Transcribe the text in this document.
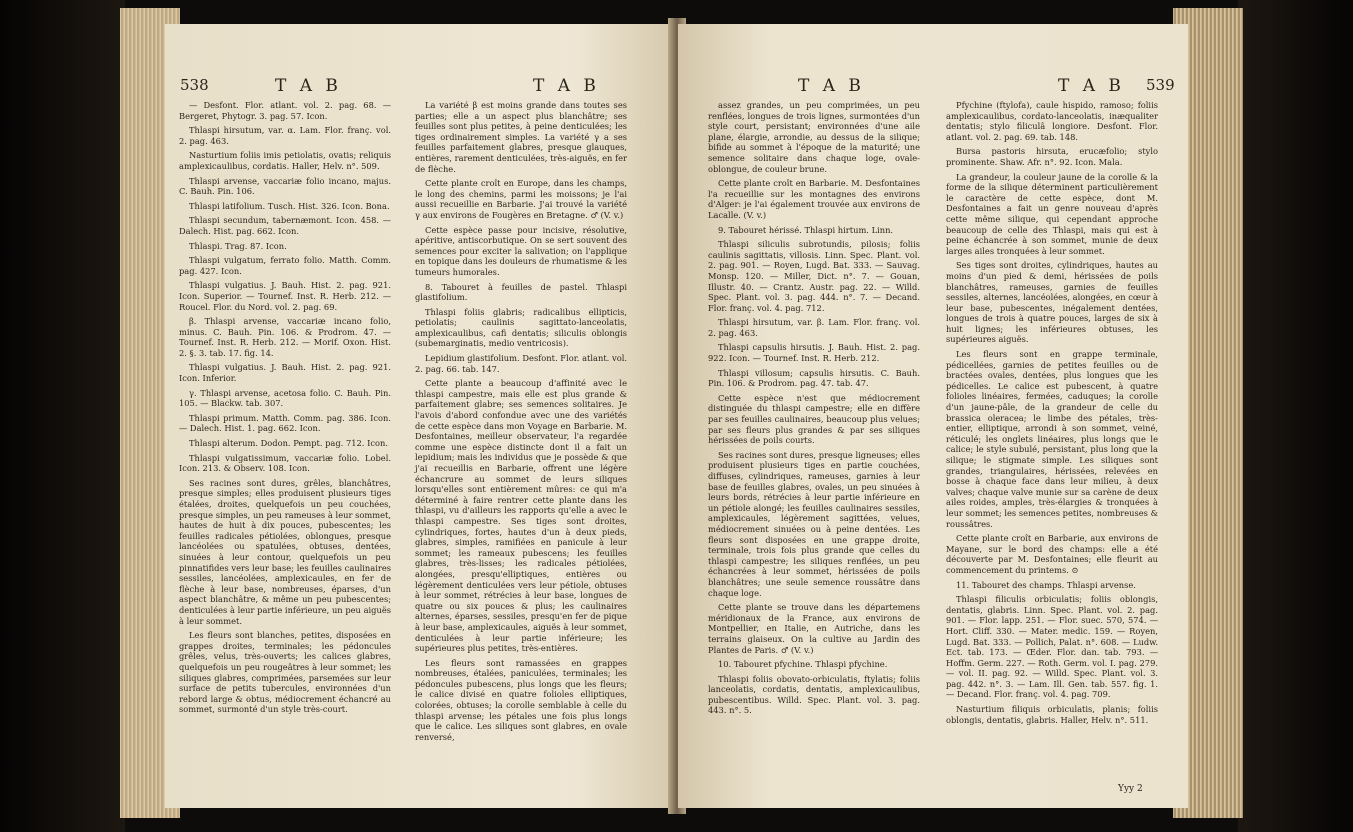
538	T A B	T A B

— Desfont. Flor. atlant. vol. 2. pag. 68. — Bergeret, Phytogr. 3. pag. 57. Icon.

Thlaspi hirsutum, var. α. Lam. Flor. franç. vol. 2. pag. 463.

Nasturtium foliis imis petiolatis, ovatis; reliquis amplexicaulibus, cordatis. Haller, Helv. n°. 509.

Thlaspi arvense, vaccariæ folio incano, majus. C. Bauh. Pin. 106.

Thlaspi latifolium. Tusch. Hist. 326. Icon. Bona.

Thlaspi secundum, tabernæmont. Icon. 458. — Dalech. Hist. pag. 662. Icon.

Thlaspi. Trag. 87. Icon.

Thlaspi vulgatum, ferrato folio. Matth. Comm. pag. 427. Icon.

Thlaspi vulgatius. J. Bauh. Hist. 2. pag. 921. Icon. Superior. — Tournef. Inst. R. Herb. 212. — Roucel. Flor. du Nord. vol. 2. pag. 69.

β. Thlaspi arvense, vaccariæ incano folio, minus. C. Bauh. Pin. 106. & Prodrom. 47. — Tournef. Inst. R. Herb. 212. — Morif. Oxon. Hist. 2. §. 3. tab. 17. fig. 14.

Thlaspi vulgatius. J. Bauh. Hist. 2. pag. 921. Icon. Inferior.

γ. Thlaspi arvense, acetosa folio. C. Bauh. Pin. 105. — Blackw. tab. 307.

Thlaspi primum. Matth. Comm. pag. 386. Icon. — Dalech. Hist. 1. pag. 662. Icon.

Thlaspi alterum. Dodon. Pempt. pag. 712. Icon.

Thlaspi vulgatissimum, vaccariæ folio. Lobel. Icon. 213. & Observ. 108. Icon.

Ses racines sont dures, grêles, blanchâtres, presque simples; elles produisent plusieurs tiges étalées, droites, quelquefois un peu couchées, presque simples, un peu rameuses à leur sommet, hautes de huit à dix pouces, pubescentes; les feuilles radicales pétiolées, oblongues, presque lancéolées ou spatulées, obtuses, dentées, sinuées à leur contour, quelquefois un peu pinnatifides vers leur base; les feuilles caulinaires sessiles, lancéolées, amplexicaules, en fer de flèche à leur base, nombreuses, éparses, d'un aspect blanchâtre, & même un peu pubescentes; denticulées à leur partie inférieure, un peu aiguës à leur sommet.

Les fleurs sont blanches, petites, disposées en grappes droites, terminales; les pédoncules grêles, velus, très-ouverts; les calices glabres, quelquefois un peu rougeâtres à leur sommet; les siliques glabres, comprimées, parsemées sur leur surface de petits tubercules, environnées d'un rebord large & obtus, médiocrement échancré au sommet, surmonté d'un style très-court.

La variété β est moins grande dans toutes ses parties; elle a un aspect plus blanchâtre; ses feuilles sont plus petites, à peine denticulées; les tiges ordinairement simples. La variété γ a ses feuilles parfaitement glabres, presque glauques, entières, rarement denticulées, très-aiguës, en fer de flèche.

Cette plante croît en Europe, dans les champs, le long des chemins, parmi les moissons; je l'ai aussi recueillie en Barbarie. J'ai trouvé la variété γ aux environs de Fougères en Bretagne. ♂ (V. v.)

Cette espèce passe pour incisive, résolutive, apéritive, antiscorbutique. On se sert souvent des semences pour exciter la salivation; on l'applique en topique dans les douleurs de rhumatisme & les tumeurs humorales.

8. Tabouret à feuilles de pastel. Thlaspi glastifolium.

Thlaspi foliis glabris; radicalibus ellipticis, petiolatis; caulinis sagittato-lanceolatis, amplexicaulibus, cafi dentatis; siliculis oblongis (subemarginatis, medio ventricosis).

Lepidium glastifolium. Desfont. Flor. atlant. vol. 2. pag. 66. tab. 147.

Cette plante a beaucoup d'affinité avec le thlaspi campestre, mais elle est plus grande & parfaitement glabre; ses semences solitaires. Je l'avois d'abord confondue avec une des variétés de cette espèce dans mon Voyage en Barbarie. M. Desfontaines, meilleur observateur, l'a regardée comme une espèce distincte dont il a fait un lepidium; mais les individus que je possède & que j'ai recueillis en Barbarie, offrent une légère échancrure au sommet de leurs siliques lorsqu'elles sont entièrement mûres: ce qui m'a déterminé à faire rentrer cette plante dans les thlaspi, vu d'ailleurs les rapports qu'elle a avec le thlaspi campestre. Ses tiges sont droites, cylindriques, fortes, hautes d'un à deux pieds, glabres, simples, ramifiées en panicule à leur sommet; les rameaux pubescens; les feuilles glabres, très-lisses; les radicales pétiolées, alongées, presqu'elliptiques, entières ou légèrement denticulées vers leur pétiole, obtuses à leur sommet, rétrécies à leur base, longues de quatre ou six pouces & plus; les caulinaires alternes, éparses, sessiles, presqu'en fer de pique à leur base, amplexicaules, aiguës à leur sommet, denticulées à leur partie inférieure; les supérieures plus petites, très-entières.

Les fleurs sont ramassées en grappes nombreuses, étalées, paniculées, terminales; les pédoncules pubescens, plus longs que les fleurs; le calice divisé en quatre folioles elliptiques, colorées, obtuses; la corolle semblable à celle du thlaspi arvense; les pétales une fois plus longs que le calice. Les siliques sont glabres, en ovale renversé,

T A B	T A B 539

assez grandes, un peu comprimées, un peu renflées, longues de trois lignes, surmontées d'un style court, persistant; environnées d'une aile plane, élargie, arrondie, au dessus de la silique; bifide au sommet à l'époque de la maturité; une semence solitaire dans chaque loge, ovale-oblongue, de couleur brune.

Cette plante croît en Barbarie. M. Desfontaines l'a recueillie sur les montagnes des environs d'Alger: je l'ai également trouvée aux environs de Lacalle. (V. v.)

9. Tabouret hérissé. Thlaspi hirtum. Linn.

Thlaspi siliculis subrotundis, pilosis; foliis caulinis sagittatis, villosis. Linn. Spec. Plant. vol. 2. pag. 901. — Royen, Lugd. Bat. 333. — Sauvag. Monsp. 120. — Miller, Dict. n°. 7. — Gouan, Illustr. 40. — Crantz. Austr. pag. 22. — Willd. Spec. Plant. vol. 3. pag. 444. n°. 7. — Decand. Flor. franç. vol. 4. pag. 712.

Thlaspi hirsutum, var. β. Lam. Flor. franç. vol. 2. pag. 463.

Thlaspi capsulis hirsutis. J. Bauh. Hist. 2. pag. 922. Icon. — Tournef. Inst. R. Herb. 212.

Thlaspi villosum; capsulis hirsutis. C. Bauh. Pin. 106. & Prodrom. pag. 47. tab. 47.

Cette espèce n'est que médiocrement distinguée du thlaspi campestre; elle en diffère par ses feuilles caulinaires, beaucoup plus velues; par ses fleurs plus grandes & par ses siliques hérissées de poils courts.

Ses racines sont dures, presque ligneuses; elles produisent plusieurs tiges en partie couchées, diffuses, cylindriques, rameuses, garnies à leur base de feuilles glabres, ovales, un peu sinuées à leurs bords, rétrécies à leur partie inférieure en un pétiole alongé; les feuilles caulinaires sessiles, amplexicaules, légèrement sagittées, velues, médiocrement sinuées ou à peine dentées. Les fleurs sont disposées en une grappe droite, terminale, trois fois plus grande que celles du thlaspi campestre; les siliques renflées, un peu échancrées à leur sommet, hérissées de poils blanchâtres; une seule semence roussâtre dans chaque loge.

Cette plante se trouve dans les départemens méridionaux de la France, aux environs de Montpellier, en Italie, en Autriche, dans les terrains glaiseux. On la cultive au Jardin des Plantes de Paris. ♂ (V. v.)

10. Tabouret pfychine. Thlaspi pfychine.

Thlaspi foliis obovato-orbiculatis, ftylatis; foliis lanceolatis, cordatis, dentatis, amplexicaulibus, pubescentibus. Willd. Spec. Plant. vol. 3. pag. 443. n°. 5.

Pfychine (ftylofa), caule hispido, ramoso; foliis amplexicaulibus, cordato-lanceolatis, inæqualiter dentatis; stylo filiculâ longiore. Desfont. Flor. atlant. vol. 2. pag. 69. tab. 148.

Bursa pastoris hirsuta, erucæfolio; stylo prominente. Shaw. Afr. n°. 92. Icon. Mala.

La grandeur, la couleur jaune de la corolle & la forme de la silique déterminent particulièrement le caractère de cette espèce, dont M. Desfontaines a fait un genre nouveau d'après cette même silique, qui cependant approche beaucoup de celle des Thlaspi, mais qui est à peine échancrée à son sommet, munie de deux larges ailes tronquées à leur sommet.

Ses tiges sont droites, cylindriques, hautes au moins d'un pied & demi, hérissées de poils blanchâtres, rameuses, garnies de feuilles sessiles, alternes, lancéolées, alongées, en cœur à leur base, pubescentes, inégalement dentées, longues de trois à quatre pouces, larges de six à huit lignes; les inférieures obtuses, les supérieures aiguës.

Les fleurs sont en grappe terminale, pédicellées, garnies de petites feuilles ou de bractées ovales, dentées, plus longues que les pédicelles. Le calice est pubescent, à quatre folioles linéaires, fermées, caduques; la corolle d'un jaune-pâle, de la grandeur de celle du brassica oleracea; le limbe des pétales, très-entier, elliptique, arrondi à son sommet, veiné, réticulé; les onglets linéaires, plus longs que le calice; le style subulé, persistant, plus long que la silique; le stigmate simple. Les siliques sont grandes, triangulaires, hérissées, relevées en bosse à chaque face dans leur milieu, à deux valves; chaque valve munie sur sa carène de deux ailes roides, amples, très-élargies & tronquées à leur sommet; les semences petites, nombreuses & roussâtres.

Cette plante croît en Barbarie, aux environs de Mayane, sur le bord des champs: elle a été découverte par M. Desfontaines; elle fleurit au commencement du printems. ⊙

11. Tabouret des champs. Thlaspi arvense.

Thlaspi filiculis orbiculatis; foliis oblongis, dentatis, glabris. Linn. Spec. Plant. vol. 2. pag. 901. — Flor. lapp. 251. — Flor. suec. 570, 574. — Hort. Cliff. 330. — Mater. medic. 159. — Royen, Lugd. Bat. 333. — Pollich, Palat. n°. 608. — Ludw. Ect. tab. 173. — Œder. Flor. dan. tab. 793. — Hoffm. Germ. 227. — Roth. Germ. vol. I. pag. 279. — vol. II. pag. 92. — Willd. Spec. Plant. vol. 3. pag. 442. n°. 3. — Lam. Ill. Gen. tab. 557. fig. 1. — Decand. Flor. franç. vol. 4. pag. 709.

Nasturtium filiquis orbiculatis, planis; foliis oblongis, dentatis, glabris. Haller, Helv. n°. 511.

Yyy 2
